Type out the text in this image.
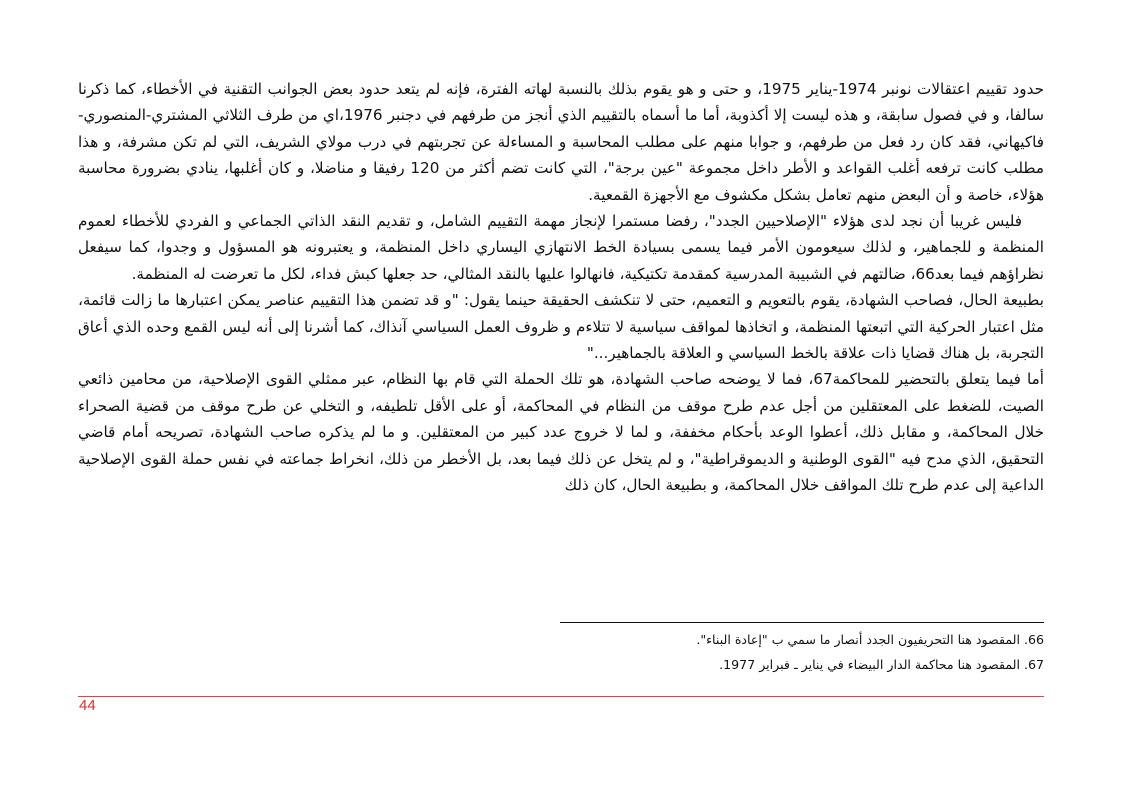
حدود تقييم اعتقالات نونبر 1974-يناير 1975، و حتى و هو يقوم بذلك بالنسبة لهاته الفترة، فإنه لم يتعد حدود بعض الجوانب التقنية في الأخطاء، كما ذكرنا سالفا، و في فصول سابقة، و هذه ليست إلا أكذوبة، أما ما أسماه بالتقييم الذي أنجز من طرفهم في دجنبر 1976،اي من طرف الثلاثي المشتري-المنصوري-فاكيهاني، فقد كان رد فعل من طرفهم، و جوابا منهم على مطلب المحاسبة و المساءلة عن تجربتهم في درب مولاي الشريف، التي لم تكن مشرفة، و هذا مطلب كانت ترفعه أغلب القواعد و الأطر داخل مجموعة "عين برجة"، التي كانت تضم أكثر من 120 رفيقا و مناضلا، و كان أغلبها، ينادي بضرورة محاسبة هؤلاء، خاصة و أن البعض منهم تعامل بشكل مكشوف مع الأجهزة القمعية.

فليس غريبا أن نجد لدى هؤلاء "الإصلاحيين الجدد"، رفضا مستمرا لإنجاز مهمة التقييم الشامل، و تقديم النقد الذاتي الجماعي و الفردي للأخطاء لعموم المنظمة و للجماهير، و لذلك سيعومون الأمر فيما يسمى بسيادة الخط الانتهازي اليساري داخل المنظمة، و يعتبرونه هو المسؤول و وجدوا، كما سيفعل نظراؤهم فيما بعد66، ضالتهم في الشبيبة المدرسية كمقدمة تكتيكية، فانهالوا عليها بالنقد المثالي، حد جعلها كبش فداء، لكل ما تعرضت له المنظمة.

بطبيعة الحال، فصاحب الشهادة، يقوم بالتعويم و التعميم، حتى لا تنكشف الحقيقة حينما يقول: "و قد تضمن هذا التقييم عناصر يمكن اعتبارها ما زالت قائمة، مثل اعتبار الحركية التي اتبعتها المنظمة، و اتخاذها لمواقف سياسية لا تتلاءم و ظروف العمل السياسي آنذاك، كما أشرنا إلى أنه ليس القمع وحده الذي أعاق التجربة، بل هناك قضايا ذات علاقة بالخط السياسي و العلاقة بالجماهير..."

أما فيما يتعلق بالتحضير للمحاكمة67، فما لا يوضحه صاحب الشهادة، هو تلك الحملة التي قام بها النظام، عبر ممثلي القوى الإصلاحية، من محامين ذائعي الصيت، للضغط على المعتقلين من أجل عدم طرح موقف من النظام في المحاكمة، أو على الأقل تلطيفه، و التخلي عن طرح موقف من قضية الصحراء خلال المحاكمة، و مقابل ذلك، أعطوا الوعد بأحكام مخففة، و لما لا خروج عدد كبير من المعتقلين. و ما لم يذكره صاحب الشهادة، تصريحه أمام قاضي التحقيق، الذي مدح فيه "القوى الوطنية و الديموقراطية"، و لم يتخل عن ذلك فيما بعد، بل الأخطر من ذلك، انخراط جماعته في نفس حملة القوى الإصلاحية الداعية إلى عدم طرح تلك المواقف خلال المحاكمة، و بطبيعة الحال، كان ذلك

66. المقصود هنا التحريفيون الجدد أنصار ما سمي ب "إعادة البناء".

67. المقصود هنا محاكمة الدار البيضاء في يناير ـ فبراير 1977.

44
